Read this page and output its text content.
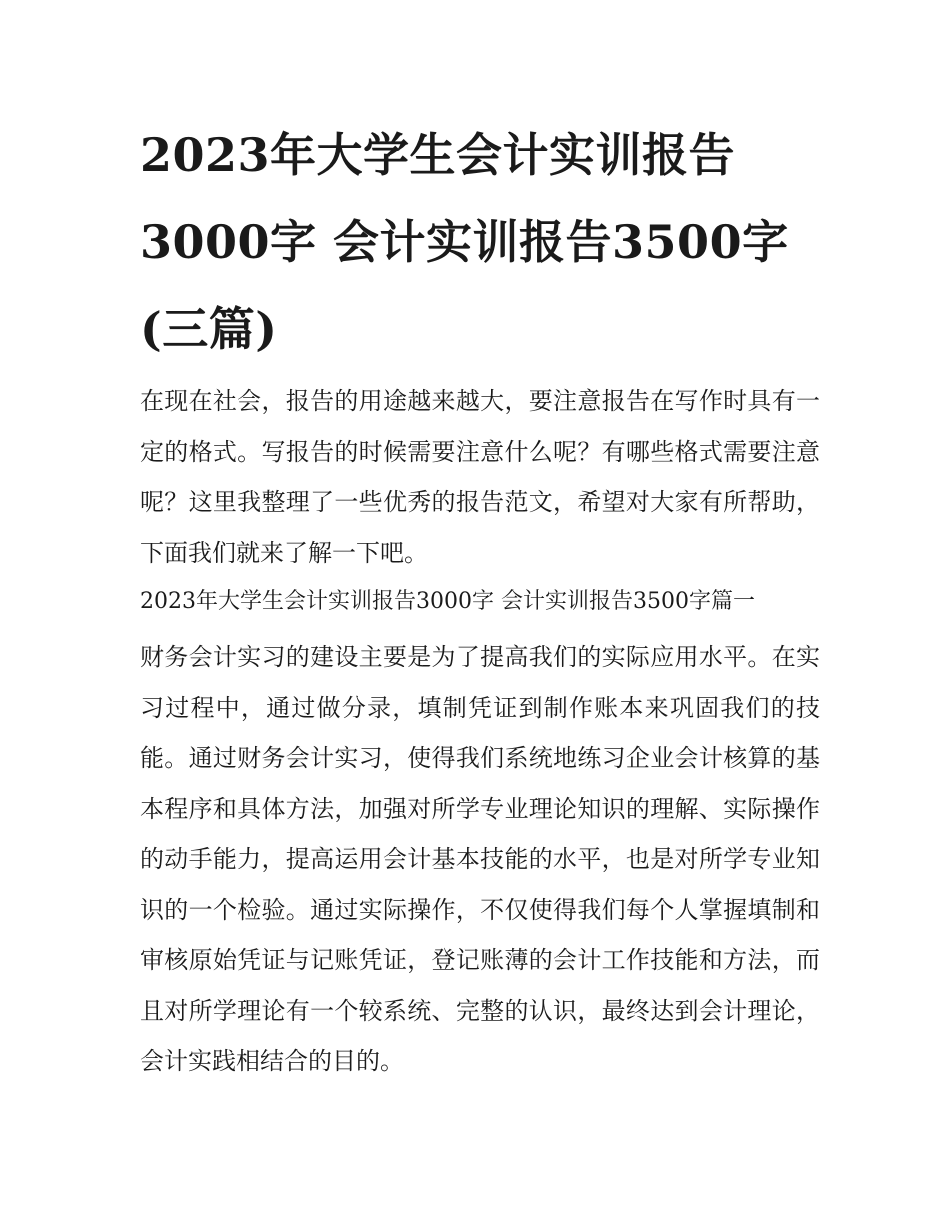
2023年大学生会计实训报告3000字 会计实训报告3500字(三篇)

在现在社会，报告的用途越来越大，要注意报告在写作时具有一定的格式。写报告的时候需要注意什么呢？有哪些格式需要注意呢？这里我整理了一些优秀的报告范文，希望对大家有所帮助，下面我们就来了解一下吧。

2023年大学生会计实训报告3000字 会计实训报告3500字篇一

财务会计实习的建设主要是为了提高我们的实际应用水平。在实习过程中，通过做分录，填制凭证到制作账本来巩固我们的技能。通过财务会计实习，使得我们系统地练习企业会计核算的基本程序和具体方法，加强对所学专业理论知识的理解、实际操作的动手能力，提高运用会计基本技能的水平，也是对所学专业知识的一个检验。通过实际操作，不仅使得我们每个人掌握填制和审核原始凭证与记账凭证，登记账薄的会计工作技能和方法，而且对所学理论有一个较系统、完整的认识，最终达到会计理论，会计实践相结合的目的。
